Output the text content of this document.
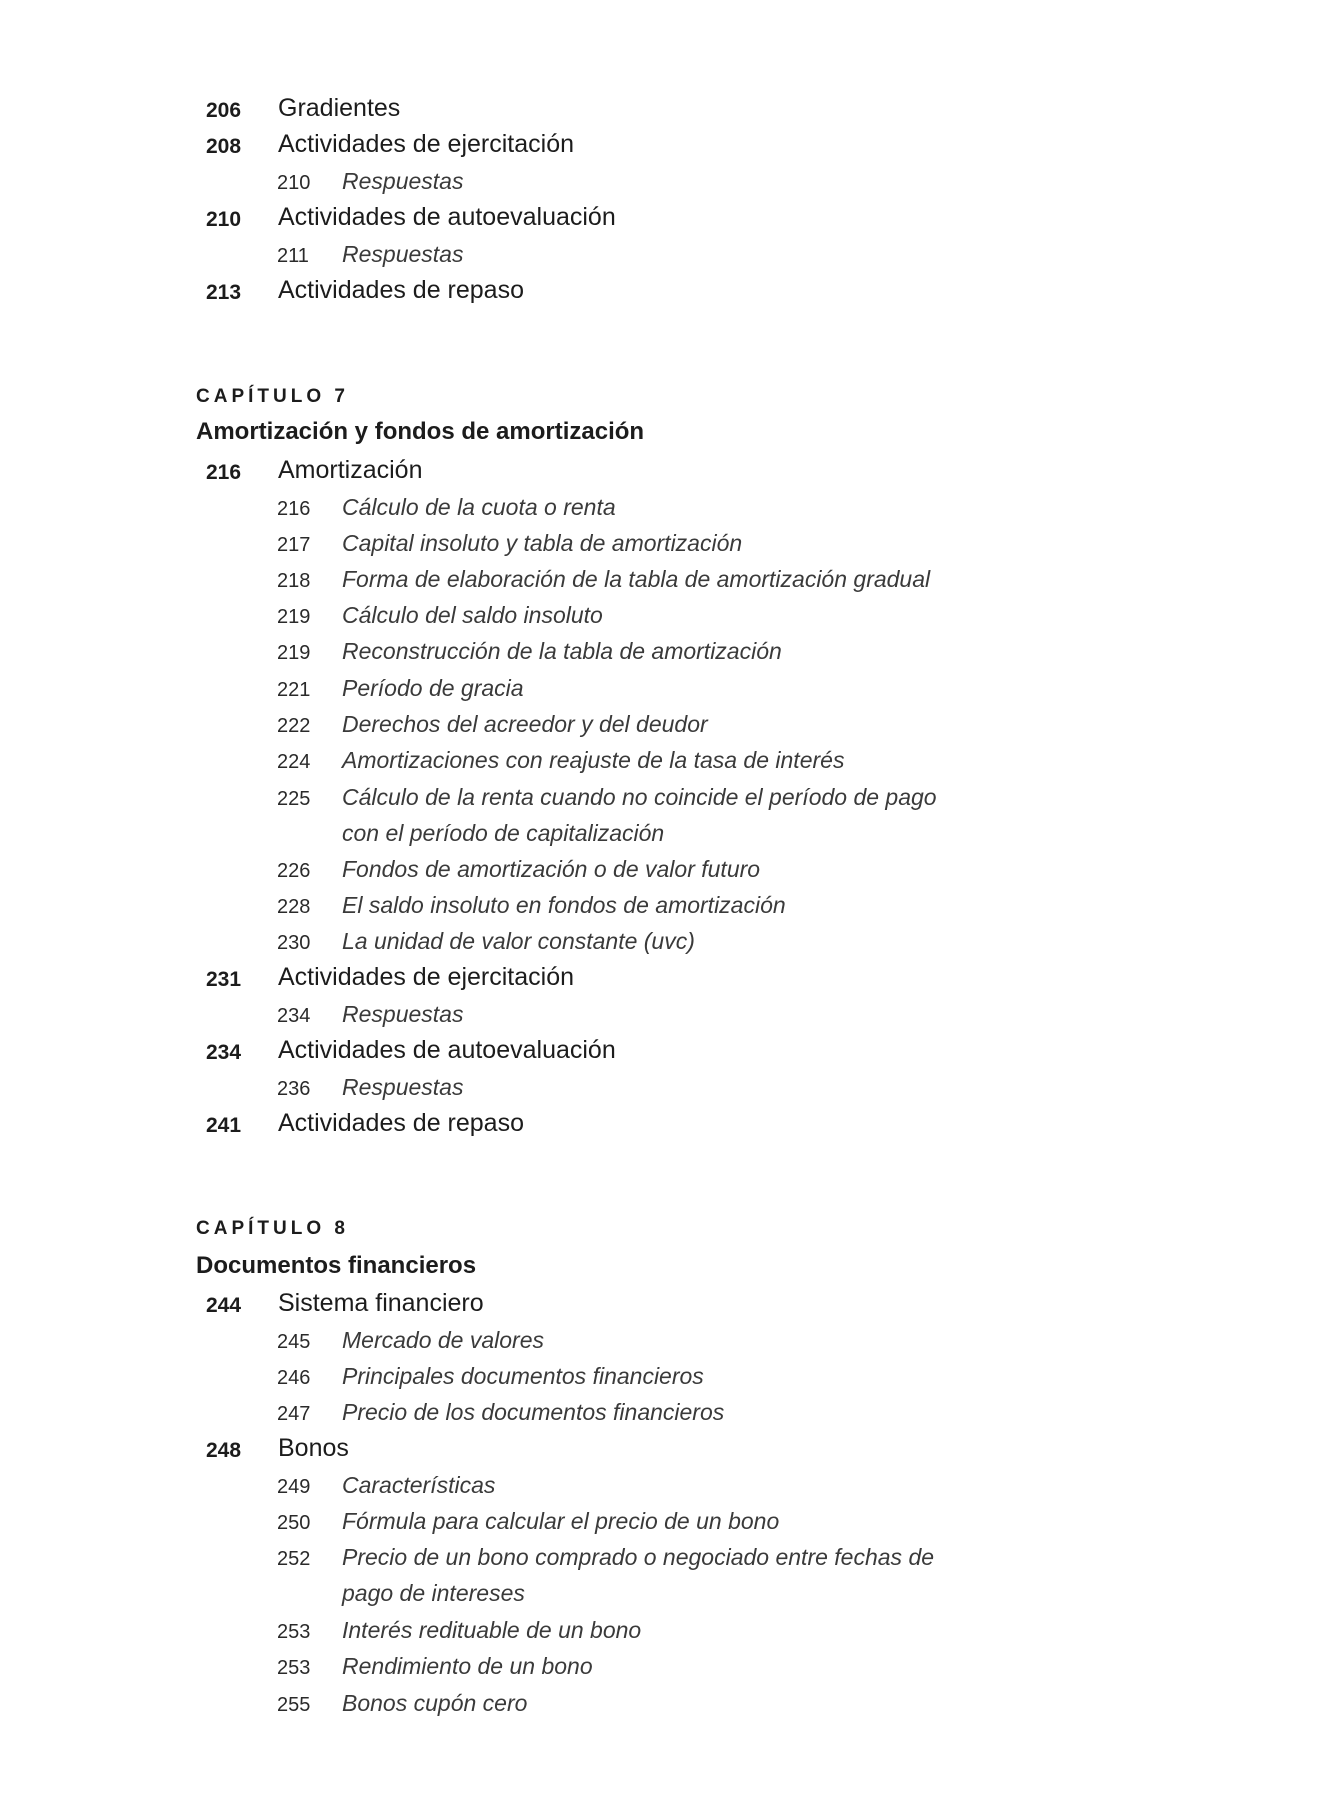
206 Gradientes
208 Actividades de ejercitación
210 Respuestas
210 Actividades de autoevaluación
211 Respuestas
213 Actividades de repaso
CAPÍTULO 7
Amortización y fondos de amortización
216 Amortización
216 Cálculo de la cuota o renta
217 Capital insoluto y tabla de amortización
218 Forma de elaboración de la tabla de amortización gradual
219 Cálculo del saldo insoluto
219 Reconstrucción de la tabla de amortización
221 Período de gracia
222 Derechos del acreedor y del deudor
224 Amortizaciones con reajuste de la tasa de interés
225 Cálculo de la renta cuando no coincide el período de pago
con el período de capitalización
226 Fondos de amortización o de valor futuro
228 El saldo insoluto en fondos de amortización
230 La unidad de valor constante (uvc)
231 Actividades de ejercitación
234 Respuestas
234 Actividades de autoevaluación
236 Respuestas
241 Actividades de repaso
CAPÍTULO 8
Documentos financieros
244 Sistema financiero
245 Mercado de valores
246 Principales documentos financieros
247 Precio de los documentos financieros
248 Bonos
249 Características
250 Fórmula para calcular el precio de un bono
252 Precio de un bono comprado o negociado entre fechas de
pago de intereses
253 Interés redituable de un bono
253 Rendimiento de un bono
255 Bonos cupón cero
